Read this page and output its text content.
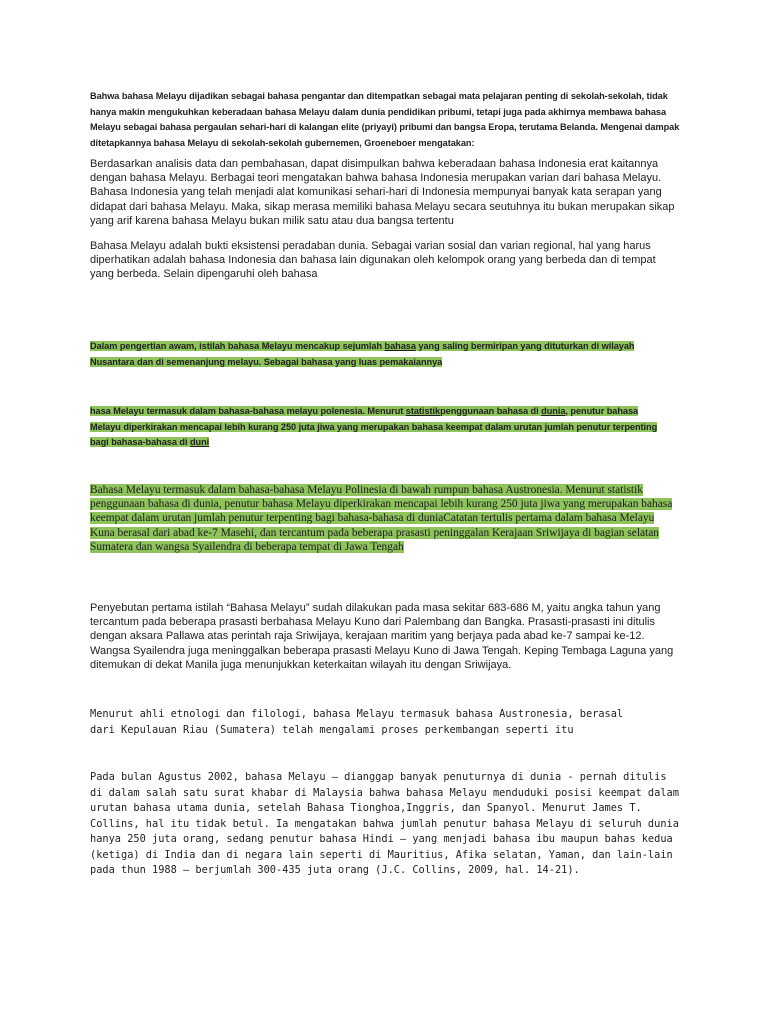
Bahwa bahasa Melayu dijadikan sebagai bahasa pengantar dan ditempatkan sebagai mata pelajaran penting di sekolah-sekolah, tidak hanya makin mengukuhkan keberadaan bahasa Melayu dalam dunia pendidikan pribumi, tetapi juga pada akhirnya membawa bahasa Melayu sebagai bahasa pergaulan sehari-hari di kalangan elite (priyayi) pribumi dan bangsa Eropa, terutama Belanda. Mengenai dampak ditetapkannya bahasa Melayu di sekolah-sekolah gubernemen, Groeneboer mengatakan:

Berdasarkan analisis data dan pembahasan, dapat disimpulkan bahwa keberadaan bahasa Indonesia erat kaitannya dengan bahasa Melayu. Berbagai teori mengatakan bahwa bahasa Indonesia merupakan varian dari bahasa Melayu. Bahasa Indonesia yang telah menjadi alat komunikasi sehari-hari di Indonesia mempunyai banyak kata serapan yang didapat dari bahasa Melayu. Maka, sikap merasa memiliki bahasa Melayu secara seutuhnya itu bukan merupakan sikap yang arif karena bahasa Melayu bukan milik satu atau dua bangsa tertentu

Bahasa Melayu adalah bukti eksistensi peradaban dunia. Sebagai varian sosial dan varian regional, hal yang harus diperhatikan adalah bahasa Indonesia dan bahasa lain digunakan oleh kelompok orang yang berbeda dan di tempat yang berbeda. Selain dipengaruhi oleh bahasa

Dalam pengertian awam, istilah bahasa Melayu mencakup sejumlah bahasa yang saling bermiripan yang dituturkan di wilayah Nusantara dan di semenanjung melayu. Sebagai bahasa yang luas pemakaiannya

hasa Melayu termasuk dalam bahasa-bahasa melayu polenesia. Menurut statistikpenggunaan bahasa di dunia, penutur bahasa Melayu diperkirakan mencapai lebih kurang 250 juta jiwa yang merupakan bahasa keempat dalam urutan jumlah penutur terpenting bagi bahasa-bahasa di duni

Bahasa Melayu termasuk dalam bahasa-bahasa Melayu Polinesia di bawah rumpun bahasa Austronesia. Menurut statistik penggunaan bahasa di dunia, penutur bahasa Melayu diperkirakan mencapai lebih kurang 250 juta jiwa yang merupakan bahasa keempat dalam urutan jumlah penutur terpenting bagi bahasa-bahasa di duniaCatatan tertulis pertama dalam bahasa Melayu Kuna berasal dari abad ke-7 Masehi, dan tercantum pada beberapa prasasti peninggalan Kerajaan Sriwijaya di bagian selatan Sumatera dan wangsa Syailendra di beberapa tempat di Jawa Tengah

Penyebutan pertama istilah “Bahasa Melayu” sudah dilakukan pada masa sekitar 683-686 M, yaitu angka tahun yang tercantum pada beberapa prasasti berbahasa Melayu Kuno dari Palembang dan Bangka. Prasasti-prasasti ini ditulis dengan aksara Pallawa atas perintah raja Sriwijaya, kerajaan maritim yang berjaya pada abad ke-7 sampai ke-12. Wangsa Syailendra juga meninggalkan beberapa prasasti Melayu Kuno di Jawa Tengah. Keping Tembaga Laguna yang ditemukan di dekat Manila juga menunjukkan keterkaitan wilayah itu dengan Sriwijaya.

Menurut ahli etnologi dan filologi, bahasa Melayu termasuk bahasa Austronesia, berasal dari Kepulauan Riau (Sumatera) telah mengalami proses perkembangan seperti itu

Pada bulan Agustus 2002, bahasa Melayu – dianggap banyak penuturnya di dunia - pernah ditulis di dalam salah satu surat khabar di Malaysia bahwa bahasa Melayu menduduki posisi keempat dalam urutan bahasa utama dunia, setelah Bahasa Tionghoa,Inggris, dan Spanyol. Menurut James T. Collins, hal itu tidak betul. Ia mengatakan bahwa jumlah penutur bahasa Melayu di seluruh dunia hanya 250 juta orang, sedang penutur bahasa Hindi – yang menjadi bahasa ibu maupun bahas kedua (ketiga) di India dan di negara lain seperti di Mauritius, Afika selatan, Yaman, dan lain-lain pada thun 1988 – berjumlah 300-435 juta orang (J.C. Collins, 2009, hal. 14-21).
